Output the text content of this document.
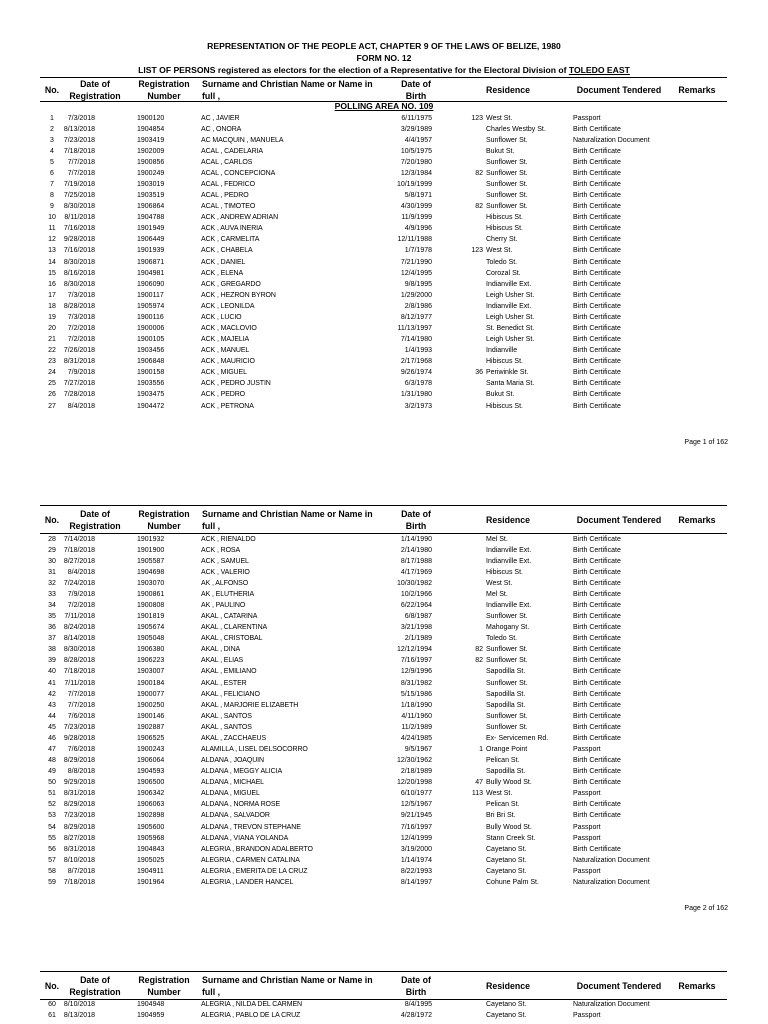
REPRESENTATION OF THE PEOPLE ACT, CHAPTER 9 OF THE LAWS OF BELIZE, 1980
FORM NO. 12
LIST OF PERSONS registered as electors for the election of a Representative for the Electoral Division of TOLEDO EAST
No.
Date of
Registration
Registration
Number
Surname and Christian Name or Name in
full ,
Date of
Birth
Residence	Document Tendered Remarks
POLLING AREA NO. 109
1	7/3/2018	1900120	AC , JAVIER	6/11/1975	123 West St.	Passport
2	8/13/2018	1904854	AC , ONORA	3/29/1989	Charles Westby St.	Birth Certificate
3	7/23/2018	1903419	AC MACQUIN , MANUELA	4/4/1957	Sunflower St.	Naturalization Document
4	7/18/2018	1902009	ACAL , CADELARIA	10/5/1975	Bukut St.	Birth Certificate
5	7/7/2018	1900856	ACAL , CARLOS	7/20/1980	Sunflower St.	Birth Certificate
6	7/7/2018	1900249	ACAL , CONCEPCIONA	12/3/1984	82 Sunflower St.	Birth Certificate
7	7/19/2018	1903019	ACAL , FEDRICO	10/19/1999	Sunflower St.	Birth Certificate
8	7/25/2018	1903519	ACAL , PEDRO	5/8/1971	Sunflower St.	Birth Certificate
9	8/30/2018	1906864	ACAL , TIMOTEO	4/30/1999	82 Sunflower St.	Birth Certificate
10	8/11/2018	1904788	ACK , ANDREW ADRIAN	11/9/1999	Hibiscus St.	Birth Certificate
11	7/16/2018	1901949	ACK , AUVA INERIA	4/9/1996	Hibiscus St.	Birth Certificate
12	9/28/2018	1906449	ACK , CARMELITA	12/11/1988	Cherry St.	Birth Certificate
13	7/16/2018	1901939	ACK , CHABELA	1/7/1978	123 West St.	Birth Certificate
14	8/30/2018	1906871	ACK , DANIEL	7/21/1990	Toledo St.	Birth Certificate
15	8/16/2018	1904981	ACK , ELENA	12/4/1995	Corozal St.	Birth Certificate
16	8/30/2018	1906090	ACK , GREGARDO	9/8/1995	Indianville Ext.	Birth Certificate
17	7/3/2018	1900117	ACK , HEZRON BYRON	1/29/2000	Leigh Usher St.	Birth Certificate
18	8/28/2018	1905974	ACK , LEONILDA	2/8/1986	Indianville Ext.	Birth Certificate
19	7/3/2018	1900116	ACK , LUCIO	8/12/1977	Leigh Usher St.	Birth Certificate
20	7/2/2018	1900006	ACK , MACLOVIO	11/13/1997	St. Benedict St.	Birth Certificate
21	7/2/2018	1900105	ACK , MAJELIA	7/14/1980	Leigh Usher St.	Birth Certificate
22	7/26/2018	1903456	ACK , MANUEL	1/4/1993	Indianville	Birth Certificate
23	8/31/2018	1906848	ACK , MAURICIO	2/17/1968	Hibiscus St.	Birth Certificate
24	7/9/2018	1900158	ACK , MIGUEL	9/26/1974	36 Periwinkle St.	Birth Certificate
25	7/27/2018	1903556	ACK , PEDRO JUSTIN	6/3/1978	Santa Maria St.	Birth Certificate
26	7/28/2018	1903475	ACK , PEDRO	1/31/1980	Bukut St.	Birth Certificate
27	8/4/2018	1904472	ACK , PETRONA	3/2/1973	Hibiscus St.	Birth Certificate
Page 1 of 162
No.
Date of
Registration
Registration
Number
Surname and Christian Name or Name in
full ,
Date of
Birth
Residence	Document Tendered Remarks
28	7/14/2018	1901932	ACK , RIENALDO	1/14/1990	Mel St.	Birth Certificate
29	7/18/2018	1901900	ACK , ROSA	2/14/1980	Indianville Ext.	Birth Certificate
30	8/27/2018	1905587	ACK , SAMUEL	8/17/1988	Indianville Ext.	Birth Certificate
31	8/4/2018	1904698	ACK , VALERIO	4/17/1969	Hibiscus St.	Birth Certificate
32	7/24/2018	1903070	AK , ALFONSO	10/30/1982	West St.	Birth Certificate
33	7/9/2018	1900861	AK , ELUTHERIA	10/2/1966	Mel St.	Birth Certificate
34	7/2/2018	1900808	AK , PAULINO	6/22/1964	Indianville Ext.	Birth Certificate
35	7/11/2018	1901819	AKAL , CATARINA	6/8/1987	Sunflower St.	Birth Certificate
36	8/24/2018	1905674	AKAL , CLARENTINA	3/21/1998	Mahogany St.	Birth Certificate
37	8/14/2018	1905048	AKAL , CRISTOBAL	2/1/1989	Toledo St.	Birth Certificate
38	8/30/2018	1906380	AKAL , DINA	12/12/1994	82 Sunflower St.	Birth Certificate
39	8/28/2018	1906223	AKAL , ELIAS	7/16/1997	82 Sunflower St.	Birth Certificate
40	7/18/2018	1903007	AKAL , EMILIANO	12/9/1996	Sapodilla St.	Birth Certificate
41	7/11/2018	1900184	AKAL , ESTER	8/31/1982	Sunflower St.	Birth Certificate
42	7/7/2018	1900077	AKAL , FELICIANO	5/15/1986	Sapodilla St.	Birth Certificate
43	7/7/2018	1900250	AKAL , MARJORIE ELIZABETH	1/18/1990	Sapodilla St.	Birth Certificate
44	7/6/2018	1900146	AKAL , SANTOS	4/11/1960	Sunflower St.	Birth Certificate
45	7/23/2018	1902887	AKAL , SANTOS	11/2/1989	Sunflower St.	Birth Certificate
46	9/28/2018	1906525	AKAL , ZACCHAEUS	4/24/1985	Ex- Servicemen Rd.	Birth Certificate
47	7/6/2018	1900243	ALAMILLA , LISEL DELSOCORRO	9/5/1967	1 Orange Point	Passport
48	8/29/2018	1906064	ALDANA , JOAQUIN	12/30/1962	Pelican St.	Birth Certificate
49	8/8/2018	1904593	ALDANA , MEGGY ALICIA	2/18/1989	Sapodilla St.	Birth Certificate
50	9/29/2018	1906500	ALDANA , MICHAEL	12/20/1998	47 Bully Wood St.	Birth Certificate
51	8/31/2018	1906342	ALDANA , MIGUEL	6/10/1977	113 West St.	Passport
52	8/29/2018	1906063	ALDANA , NORMA ROSE	12/5/1967	Pelican St.	Birth Certificate
53	7/23/2018	1902898	ALDANA , SALVADOR	9/21/1945	Bri Bri St.	Birth Certificate
54	8/29/2018	1905600	ALDANA , TREVON STEPHANE	7/16/1997	Bully Wood St.	Passport
55	8/27/2018	1905968	ALDANA , VIANA YOLANDA	12/4/1999	Stann Creek St.	Passport
56	8/31/2018	1904843	ALEGRIA , BRANDON ADALBERTO	3/19/2000	Cayetano St.	Birth Certificate
57	8/10/2018	1905025	ALEGRIA , CARMEN CATALINA	1/14/1974	Cayetano St.	Naturalization Document
58	8/7/2018	1904911	ALEGRIA , EMERITA DE LA CRUZ	8/22/1993	Cayetano St.	Passport
59	7/18/2018	1901964	ALEGRIA , LANDER HANCEL	8/14/1997	Cohune Palm St.	Naturalization Document
Page 2 of 162
No.
Date of
Registration
Registration
Number
Surname and Christian Name or Name in
full ,
Date of
Birth
Residence	Document Tendered Remarks
60	8/10/2018	1904948	ALEGRIA , NILDA DEL CARMEN	8/4/1995	Cayetano St.	Naturalization Document
61	8/13/2018	1904959	ALEGRIA , PABLO DE LA CRUZ	4/28/1972	Cayetano St.	Passport
